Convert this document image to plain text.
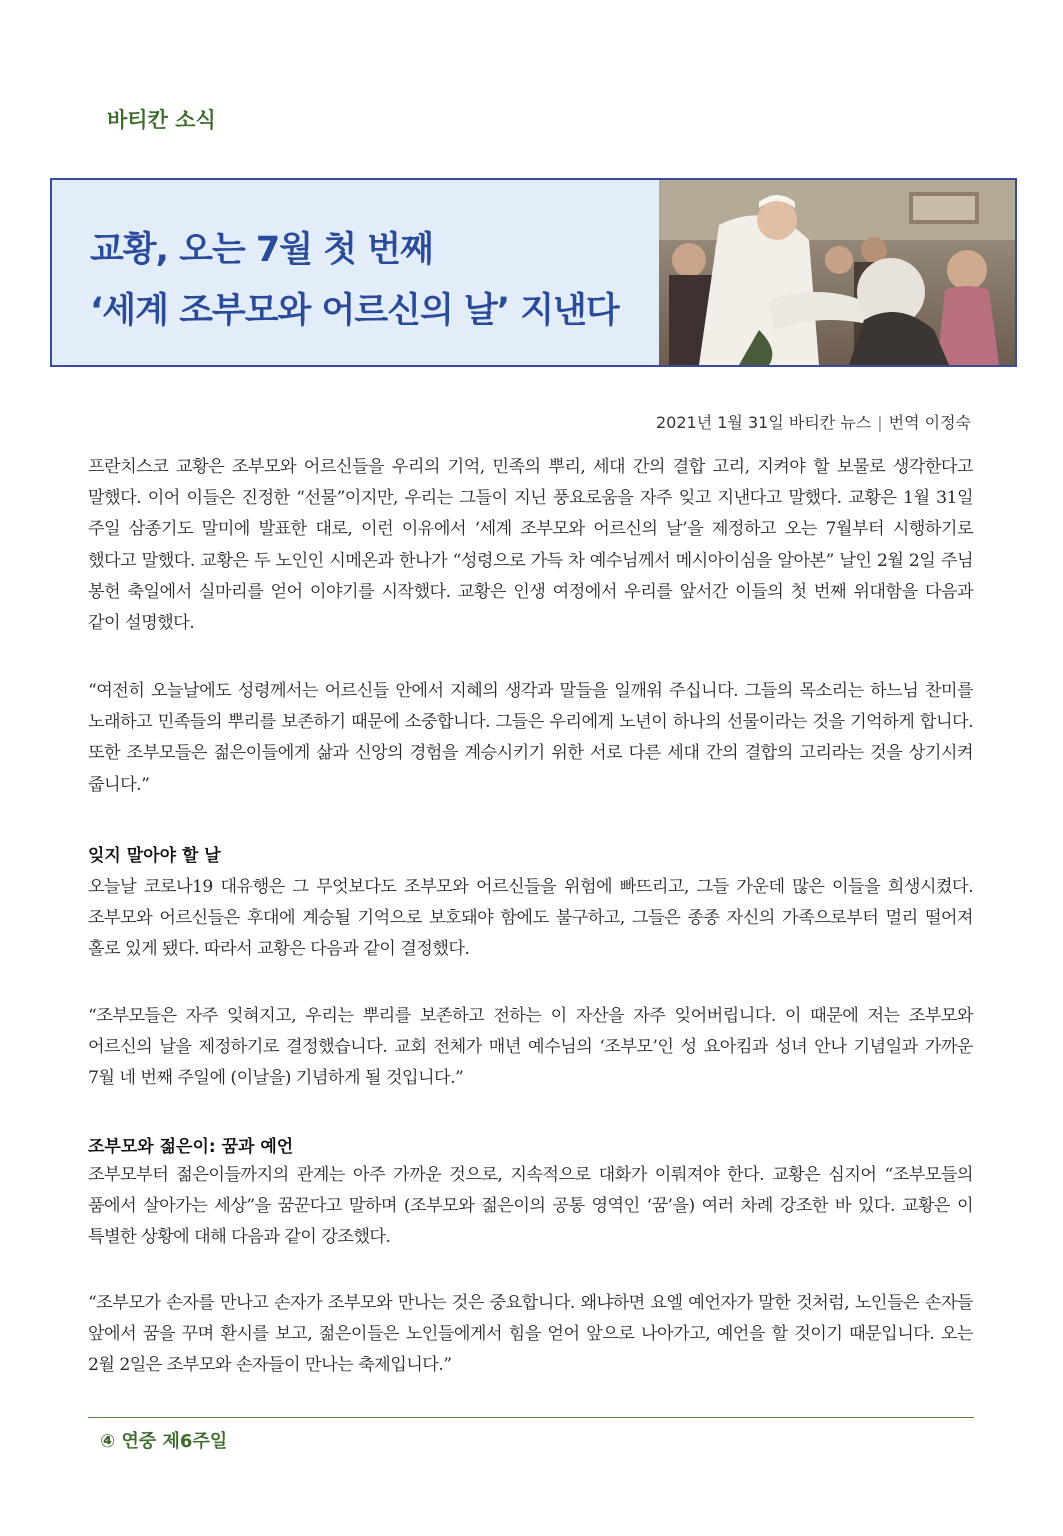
바티칸 소식
교황, 오는 7월 첫 번째
‘세계 조부모와 어르신의 날’ 지낸다
2021년 1월 31일 바티칸 뉴스 | 번역 이정숙
프란치스코 교황은 조부모와 어르신들을 우리의 기억, 민족의 뿌리, 세대 간의 결합 고리, 지켜야 할 보물로 생각한다고 말했다. 이어 이들은 진정한 “선물”이지만, 우리는 그들이 지닌 풍요로움을 자주 잊고 지낸다고 말했다. 교황은 1월 31일 주일 삼종기도 말미에 발표한 대로, 이런 이유에서 ‘세계 조부모와 어르신의 날’을 제정하고 오는 7월부터 시행하기로 했다고 말했다. 교황은 두 노인인 시메온과 한나가 “성령으로 가득 차 예수님께서 메시아이심을 알아본” 날인 2월 2일 주님 봉헌 축일에서 실마리를 얻어 이야기를 시작했다. 교황은 인생 여정에서 우리를 앞서간 이들의 첫 번째 위대함을 다음과 같이 설명했다.
“여전히 오늘날에도 성령께서는 어르신들 안에서 지혜의 생각과 말들을 일깨워 주십니다. 그들의 목소리는 하느님 찬미를 노래하고 민족들의 뿌리를 보존하기 때문에 소중합니다. 그들은 우리에게 노년이 하나의 선물이라는 것을 기억하게 합니다. 또한 조부모들은 젊은이들에게 삶과 신앙의 경험을 계승시키기 위한 서로 다른 세대 간의 결합의 고리라는 것을 상기시켜 줍니다.”
잊지 말아야 할 날
오늘날 코로나19 대유행은 그 무엇보다도 조부모와 어르신들을 위험에 빠뜨리고, 그들 가운데 많은 이들을 희생시켰다. 조부모와 어르신들은 후대에 계승될 기억으로 보호돼야 함에도 불구하고, 그들은 종종 자신의 가족으로부터 멀리 떨어져 홀로 있게 됐다. 따라서 교황은 다음과 같이 결정했다.
“조부모들은 자주 잊혀지고, 우리는 뿌리를 보존하고 전하는 이 자산을 자주 잊어버립니다. 이 때문에 저는 조부모와 어르신의 날을 제정하기로 결정했습니다. 교회 전체가 매년 예수님의 ‘조부모’인 성 요아킴과 성녀 안나 기념일과 가까운 7월 네 번째 주일에 (이날을) 기념하게 될 것입니다.”
조부모와 젊은이: 꿈과 예언
조부모부터 젊은이들까지의 관계는 아주 가까운 것으로, 지속적으로 대화가 이뤄져야 한다. 교황은 심지어 “조부모들의 품에서 살아가는 세상”을 꿈꾼다고 말하며 (조부모와 젊은이의 공통 영역인 ‘꿈’을) 여러 차례 강조한 바 있다. 교황은 이 특별한 상황에 대해 다음과 같이 강조했다.
“조부모가 손자를 만나고 손자가 조부모와 만나는 것은 중요합니다. 왜냐하면 요엘 예언자가 말한 것처럼, 노인들은 손자들 앞에서 꿈을 꾸며 환시를 보고, 젊은이들은 노인들에게서 힘을 얻어 앞으로 나아가고, 예언을 할 것이기 때문입니다. 오는 2월 2일은 조부모와 손자들이 만나는 축제입니다.”
④ 연중 제6주일
